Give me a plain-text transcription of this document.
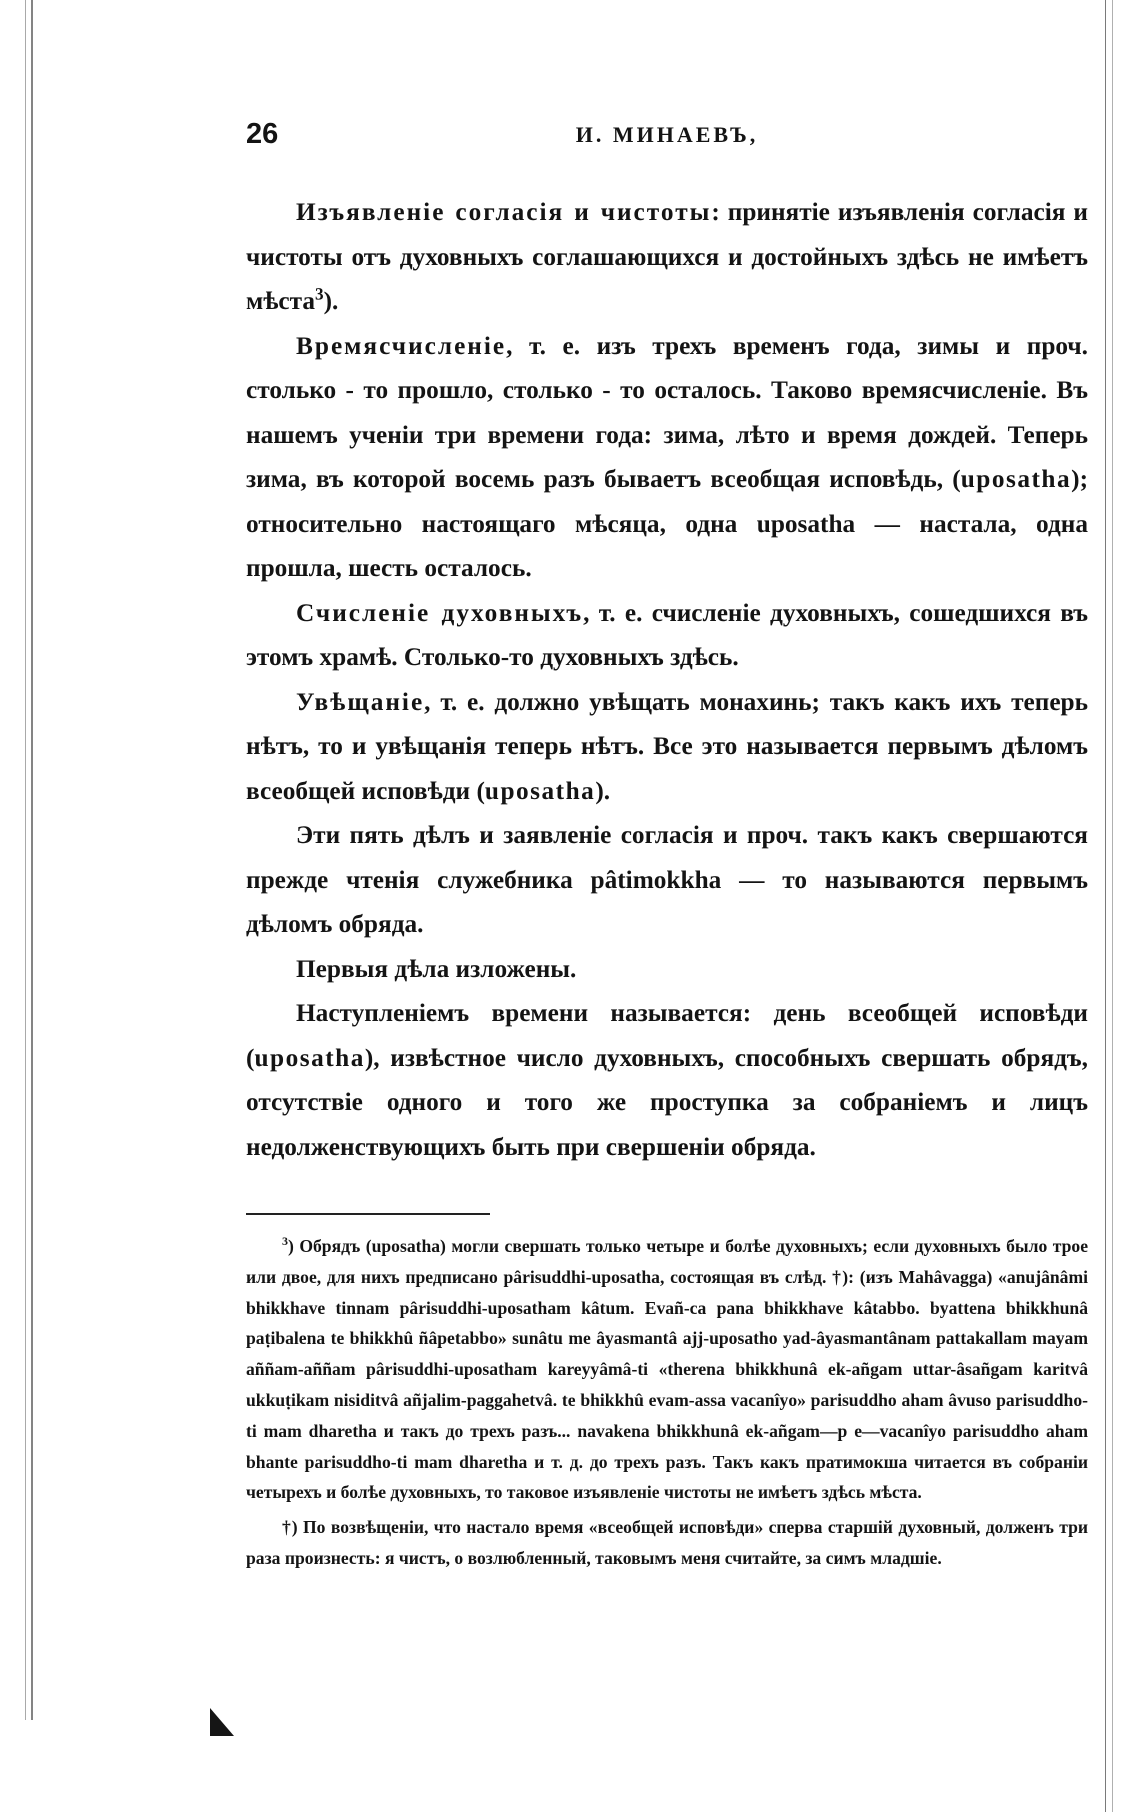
26	И. МИНАЕВЪ,

Изъявленіе согласія и чистоты: принятіе изъявленія согласія и чистоты отъ духовныхъ соглашающихся и достойныхъ здѣсь не имѣетъ мѣста$^3$).

Времясчисленіе, т. е. изъ трехъ временъ года, зимы и проч. столько - то прошло, столько - то осталось. Таково времясчисленіе. Въ нашемъ ученіи три времени года: зима, лѣто и время дождей. Теперь зима, въ которой восемь разъ бываетъ всеобщая исповѣдь, (uposatha); относительно настоящаго мѣсяца, одна uposatha — настала, одна прошла, шесть осталось.

Счисленіе духовныхъ, т. е. счисленіе духовныхъ, сошедшихся въ этомъ храмѣ. Столько-то духовныхъ здѣсь.

Увѣщаніе, т. е. должно увѣщать монахинь; такъ какъ ихъ теперь нѣтъ, то и увѣщанія теперь нѣтъ. Все это называется первымъ дѣломъ всеобщей исповѣди (uposatha).

Эти пять дѣлъ и заявленіе согласія и проч. такъ какъ свершаются прежде чтенія служебника pâtimokkha — то называются первымъ дѣломъ обряда.

Первыя дѣла изложены.

Наступленіемъ времени называется: день всеобщей исповѣди (uposatha), извѣстное число духовныхъ, способныхъ свершать обрядъ, отсутствіе одного и того же проступка за собраніемъ и лицъ недолженствующихъ быть при свершеніи обряда.

$^3$) Обрядъ (uposatha) могли свершать только четыре и болѣе духовныхъ; если духовныхъ было трое или двое, для нихъ предписано pârisuddhi-uposatha, состоящая въ слѣд. †): (изъ Mahâvagga) «anujânâmi bhikkhave tinnam pârisuddhi-uposatham kâtum. Evañ-ca pana bhikkhave kâtabbo. byattena bhikkhunâ paṭibalena te bhikkhû ñâpetabbo» sunâtu me âyasmantâ ajj-uposatho yad-âyasmantânam pattakallam mayam aññam-aññam pârisuddhi-uposatham kareyyâmâ-ti «therena bhikkhunâ ek-añgam uttar-âsañgam karitvâ ukkuṭikam nisiditvâ añjalim-paggahetvâ. te bhikkhû evam-assa vacanîyo» parisuddho aham âvuso parisuddho-ti mam dharetha и такъ до трехъ разъ... navakena bhikkhunâ ek-añgam—p e—vacanîyo parisuddho aham bhante parisuddho-ti mam dharetha и т. д. до трехъ разъ. Такъ какъ пратимокша читается въ собраніи четырехъ и болѣе духовныхъ, то таковое изъявленіе чистоты не имѣетъ здѣсь мѣста.

†) По возвѣщеніи, что настало время «всеобщей исповѣди» сперва старшій духовный, долженъ три раза произнесть: я чистъ, о возлюбленный, таковымъ меня считайте, за симъ младшіе.
